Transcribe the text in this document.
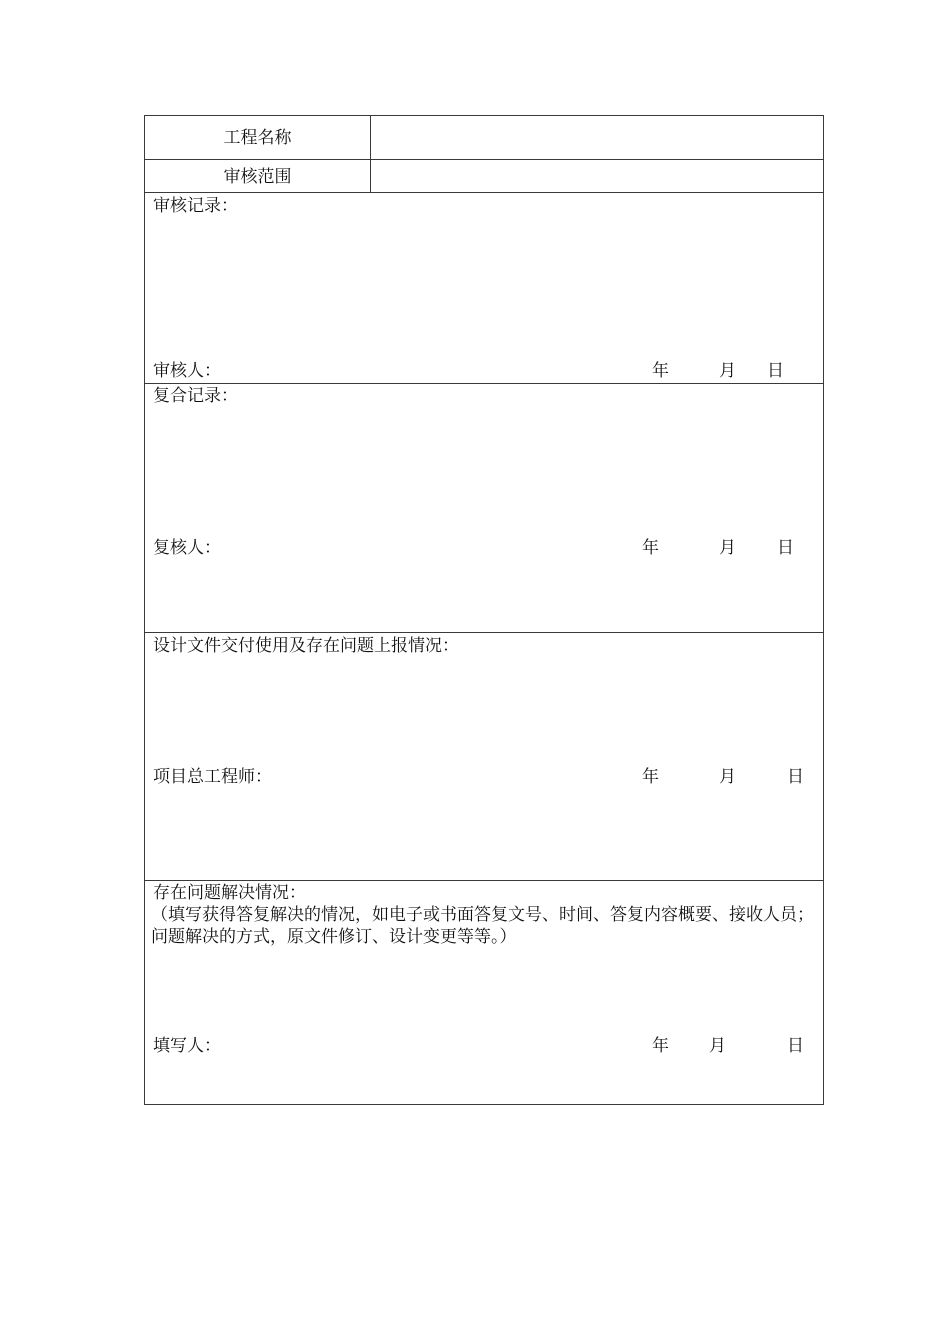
工程名称
审核范围
审核记录：
审核人：	年	月 日
复合记录：
复核人：	年	月 日
设计文件交付使用及存在问题上报情况：
项目总工程师：	年	月	日
存在问题解决情况：
（填写获得答复解决的情况，如电子或书面答复文号、时间、答复内容概要、接收人员；问题解决的方式，原文件修订、设计变更等等。）
填写人：	年 月	日
